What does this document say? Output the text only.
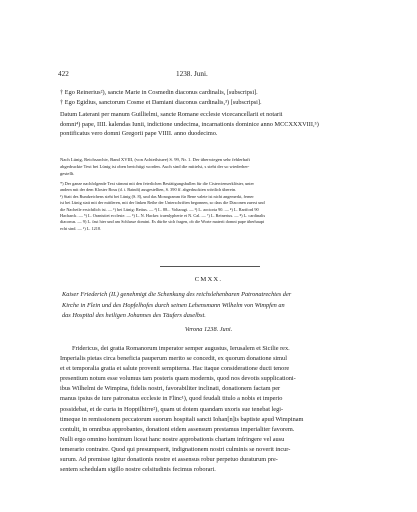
422	1238. Juni.
† Ego Reinerius²), sancte Marie in Cosmedin diaconus cardinalis, [subscripsi].
† Ego Egidius, sanctorum Cosme et Damiani diaconus cardinalis,³) [subscripsi].
Datum Laterani per manum Guillielmi, sancte Romane ecclesie vicecancellarii et notarii
domni⁴) pape, IIII. kalendas Iunii, indictione undecima, incarnationis dominice anno MCCXXXVIII,⁵)
pontificatus vero domni Gregorii pape VIIII. anno duodecimo.
Nach Lünig, Reichsarchiv, Band XVIII, (von Achteilstuee) S. 99, Nr. 1. Der überwiegen sehr fehlerhaft
abgedruckte Text bei Lünig ist oben berichtigt worden. Auch sind die mittelst, s steht der so wiederher-
gestellt.
*) Der ganze nachfolgende Text stimmt mit den feierlichen Bestätigungsbullen für die Cistercienserklöster, unter
andern mit der dem Kloster Bosu (d. i. Baindt) ausgestellten, S. 390 ff. abgedruckten wörtlich überein.
¹) Statt des Rundzeichens steht bei Lünig (S. 8), und das Monogramm für Bene valete ist nicht angemerkt, ferner
ist bei Lünig statt mit der mittleren, mit der linken Reihe der Unterschriften begonnen, so dass die Diaconen zuerst und
die Nacheile ersichtlich ist. — ¹) bei Lünig: Retius. — ²) L. 88... Voltaragi. — ³) L. aoctoria 90. — ⁴) L. Rartford 90
Hacharck. — ⁵) L. Oranistiet ecclesie. — ⁶) L. N. Hacker. iraenlypherie et N. Cal. — ⁷) L. Reinerius. — ⁸) L. cardinalis
diaconus. — 9) L. fast hier und am Schlusse domini. Es dürfte sich fragen, ob die Worte materii domni pape überhaupt
echt sind. — ¹) L. 1218.
CMXX.
Kaiser Friederich (II.) genehmigt die Schenkung des reichslehenbaren Patronatrechtes der
Kirche in Flein und des Hopfelhofes durch seinen Lehensmann Wilhelm von Wimpfen an
das Hospital des heiligen Johannes des Täufers daselbst.
Verona 1238. Juni.
Fridericus, dei gratia Romanorum imperator semper augustus, Ierusalem et Sicilie rex.
Imperialis pietas circa beneficia pauperum merito se concedit, ex quorum donatione simul
et et temporalia gratia et salute provenit sempiterna. Hac itaque consideratione ducti tenore
presentium notum esse volumus tam posteris quam modernis, quod nos devotis supplicationi-
ibus Wilhelmi de Wimpina, fidelis nostri, favorabiliter inclinati, donationem factam per
manus ipsius de iure patronatus ecclesie in Flinc¹), quod feudali titulo a nobis et imperio
possidebat, et de curia in Hoppilhirre²), quam ut dotem quandam uxoris sue tenebat legi-
timeque in remissionem peccatorum suorum hospitali sancti Iohan[n]is baptiste apud Wimpinam
contulit, in omnibus approbantes, donationi eidem assensum prestamus imperialiter favorem.
Nulli ergo omnino hominum liceat hanc nostre approbationis chartam infringere vel ausu
temerario contraire. Quod qui presumpserit, indignationem nostri culminis se noverit incur-
surum. Ad premisse igitur donationis nostre et assensus robur perpetuo duraturum pre-
sentem schedulam sigillo nostre celsitudinis fecimus roborari.
